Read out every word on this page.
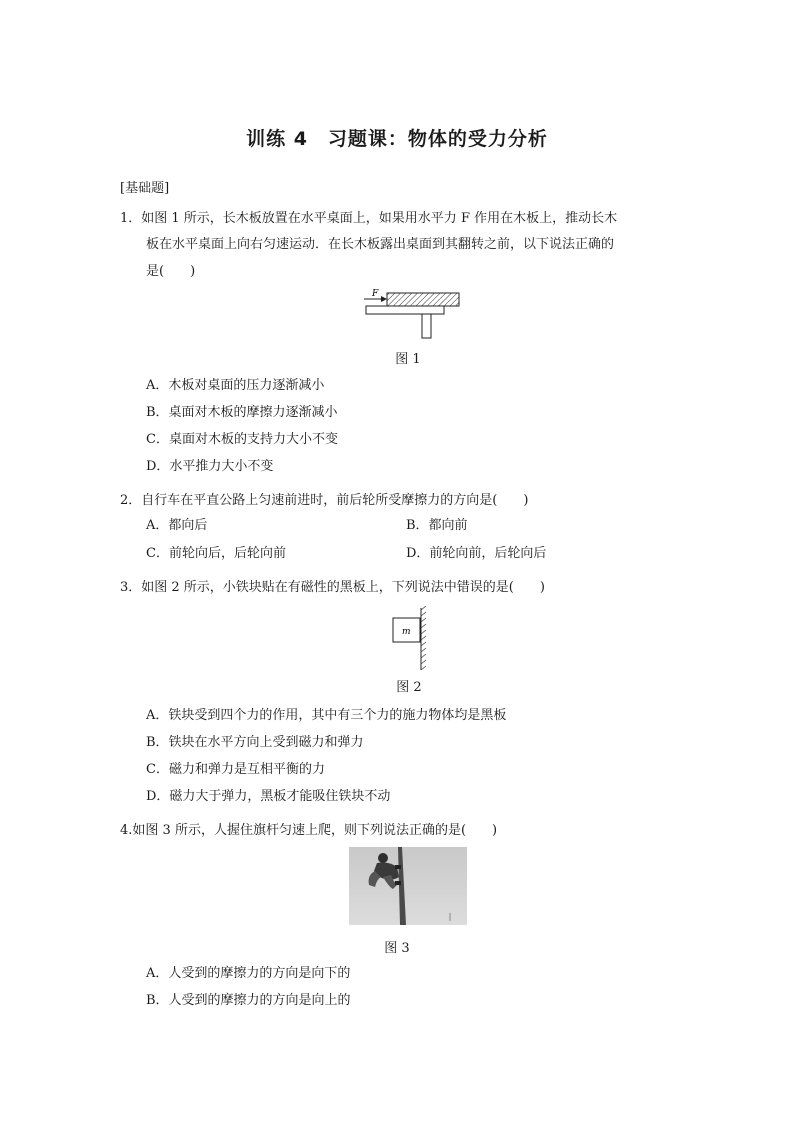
训练 4　习题课：物体的受力分析
[基础题]
1．如图 1 所示，长木板放置在水平桌面上，如果用水平力 F 作用在木板上，推动长木
板在水平桌面上向右匀速运动．在长木板露出桌面到其翻转之前，以下说法正确的
是(　　)
F
图 1
A．木板对桌面的压力逐渐减小
B．桌面对木板的摩擦力逐渐减小
C．桌面对木板的支持力大小不变
D．水平推力大小不变
2．自行车在平直公路上匀速前进时，前后轮所受摩擦力的方向是(　　)
A．都向后	B．都向前
C．前轮向后，后轮向前	D．前轮向前，后轮向后
3．如图 2 所示，小铁块贴在有磁性的黑板上，下列说法中错误的是(　　)
m
图 2
A．铁块受到四个力的作用，其中有三个力的施力物体均是黑板
B．铁块在水平方向上受到磁力和弹力
C．磁力和弹力是互相平衡的力
D．磁力大于弹力，黑板才能吸住铁块不动
4.如图 3 所示，人握住旗杆匀速上爬，则下列说法正确的是(　　)
图 3
A．人受到的摩擦力的方向是向下的
B．人受到的摩擦力的方向是向上的
